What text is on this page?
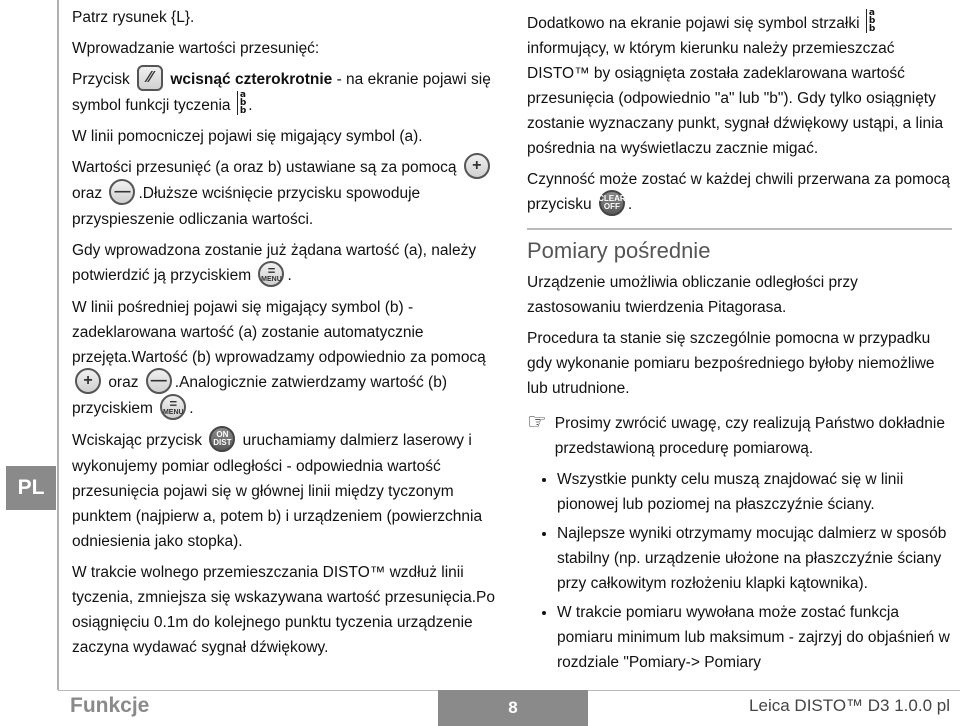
PL

Patrz rysunek {L}.

Wprowadzanie wartości przesunięć:

Przycisk ⁄∕ wcisnąć czterokrotnie - na ekranie pojawi się symbol funkcji tyczenia
a
b
b .

W linii pomocniczej pojawi się migający symbol (a).

Wartości przesunięć (a oraz b) ustawiane są za pomocą +
oraz — .Dłuższe wciśnięcie przycisku spowoduje przyspieszenie odliczania wartości.

Gdy wprowadzona zostanie już żądana wartość (a), należy potwierdzić ją przyciskiem =
MENU .

W linii pośredniej pojawi się migający symbol (b) - zadeklarowana wartość (a) zostanie automatycznie przejęta.Wartość (b) wprowadzamy odpowiednio za pomocą
+ oraz — .Analogicznie zatwierdzamy wartość (b) przyciskiem =
MENU .

Wciskając przycisk ON
DIST uruchamiamy dalmierz laserowy i wykonujemy pomiar odległości - odpowiednia wartość przesunięcia pojawi się w głównej linii między tyczonym punktem (najpierw a, potem b) i urządzeniem (powierzchnia odniesienia jako stopka).

W trakcie wolnego przemieszczania DISTO™ wzdłuż linii tyczenia, zmniejsza się wskazywana wartość przesunięcia.Po osiągnięciu 0.1m do kolejnego punktu tyczenia urządzenie zaczyna wydawać sygnał dźwiękowy.

Dodatkowo na ekranie pojawi się symbol strzałki
a
b
b
informujący, w którym kierunku należy przemieszczać DISTO™ by osiągnięta została zadeklarowana wartość przesunięcia (odpowiednio "a" lub "b"). Gdy tylko osiągnięty zostanie wyznaczany punkt, sygnał dźwiękowy ustąpi, a linia pośrednia na wyświetlaczu zacznie migać.

Czynność może zostać w każdej chwili przerwana za pomocą przycisku CLEAR
OFF .

Pomiary pośrednie

Urządzenie umożliwia obliczanie odległości przy zastosowaniu twierdzenia Pitagorasa.

Procedura ta stanie się szczególnie pomocna w przypadku gdy wykonanie pomiaru bezpośredniego byłoby niemożliwe lub utrudnione.

☞ Prosimy zwrócić uwagę, czy realizują Państwo dokładnie przedstawioną procedurę pomiarową.
• Wszystkie punkty celu muszą znajdować się w linii pionowej lub poziomej na płaszczyźnie ściany.
• Najlepsze wyniki otrzymamy mocując dalmierz w sposób stabilny (np. urządzenie ułożone na płaszczyźnie ściany przy całkowitym rozłożeniu klapki kątownika).
• W trakcie pomiaru wywołana może zostać funkcja pomiaru minimum lub maksimum - zajrzyj do objaśnień w rozdziale "Pomiary-> Pomiary
Funkcje	8	Leica DISTO™ D3 1.0.0 pl
